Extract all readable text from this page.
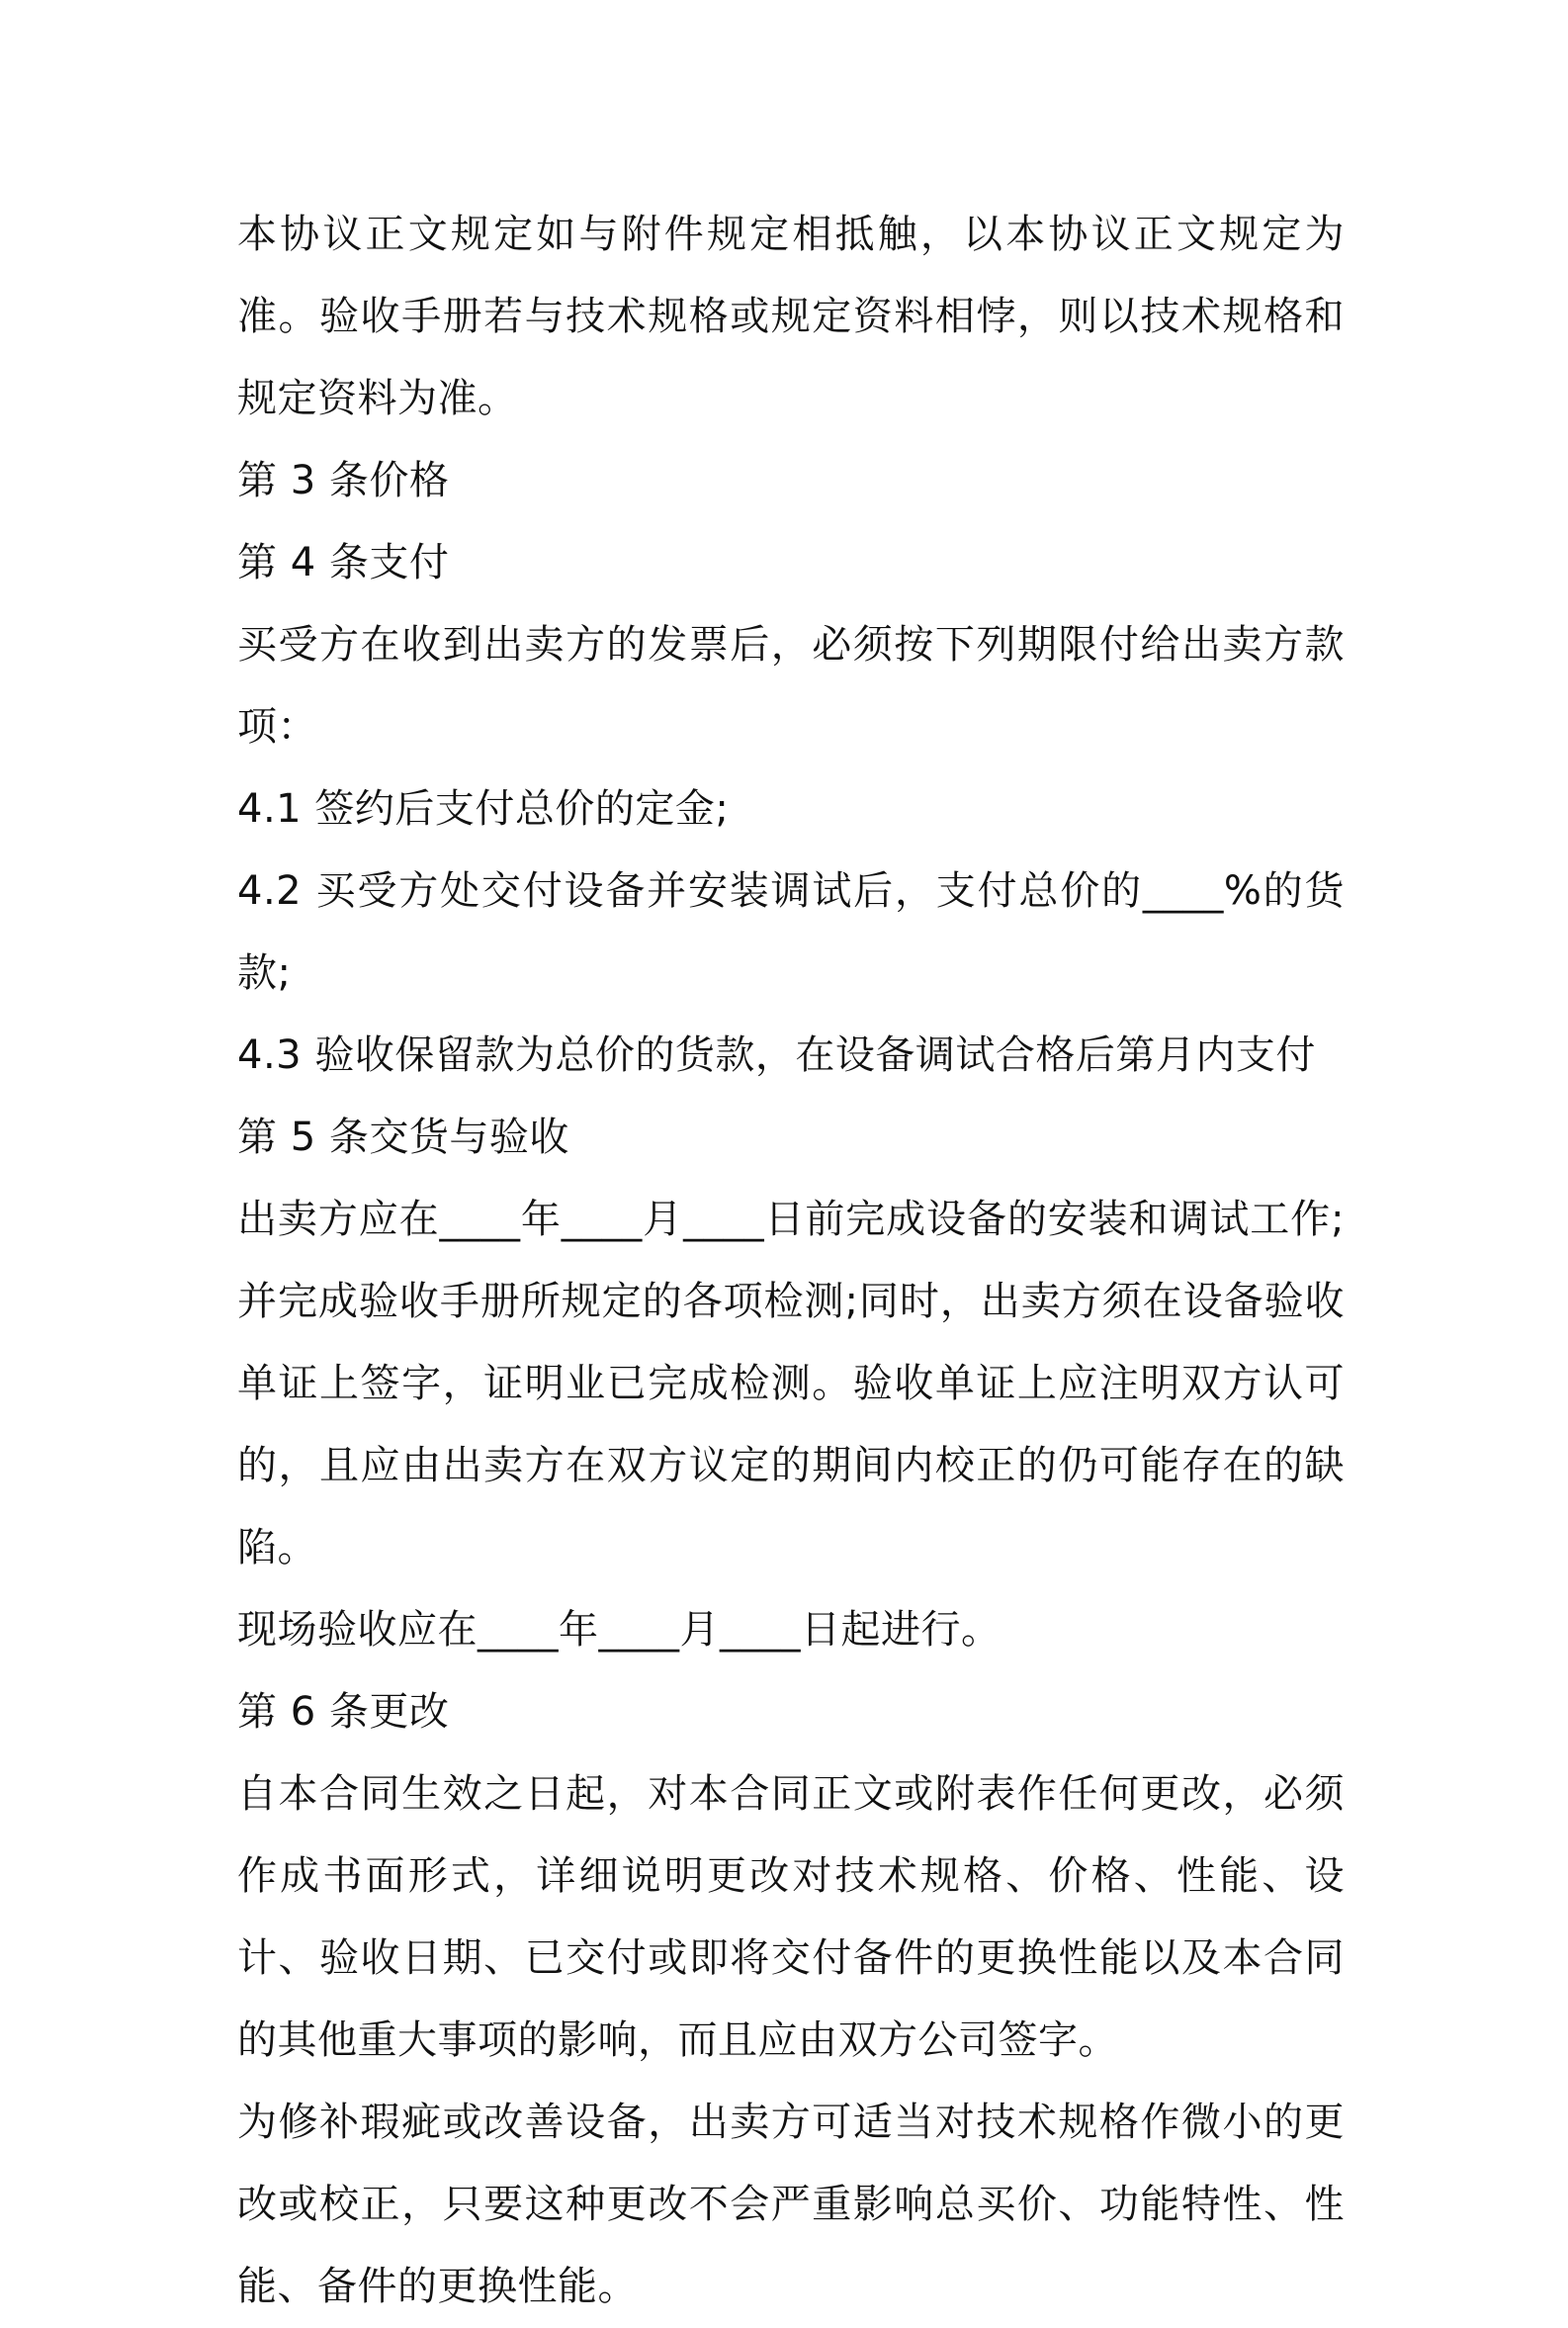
本协议正文规定如与附件规定相抵触，以本协议正文规定为准。验收手册若与技术规格或规定资料相悖，则以技术规格和规定资料为准。

第 3 条价格

第 4 条支付

买受方在收到出卖方的发票后，必须按下列期限付给出卖方款项：

4.1 签约后支付总价的定金;

4.2 买受方处交付设备并安装调试后，支付总价的____%的货款;

4.3 验收保留款为总价的货款，在设备调试合格后第月内支付

第 5 条交货与验收

出卖方应在____年____月____日前完成设备的安装和调试工作;并完成验收手册所规定的各项检测;同时，出卖方须在设备验收单证上签字，证明业已完成检测。验收单证上应注明双方认可的，且应由出卖方在双方议定的期间内校正的仍可能存在的缺陷。

现场验收应在____年____月____日起进行。

第 6 条更改

自本合同生效之日起，对本合同正文或附表作任何更改，必须作成书面形式，详细说明更改对技术规格、价格、性能、设计、验收日期、已交付或即将交付备件的更换性能以及本合同的其他重大事项的影响，而且应由双方公司签字。

为修补瑕疵或改善设备，出卖方可适当对技术规格作微小的更改或校正，只要这种更改不会严重影响总买价、功能特性、性能、备件的更换性能。
